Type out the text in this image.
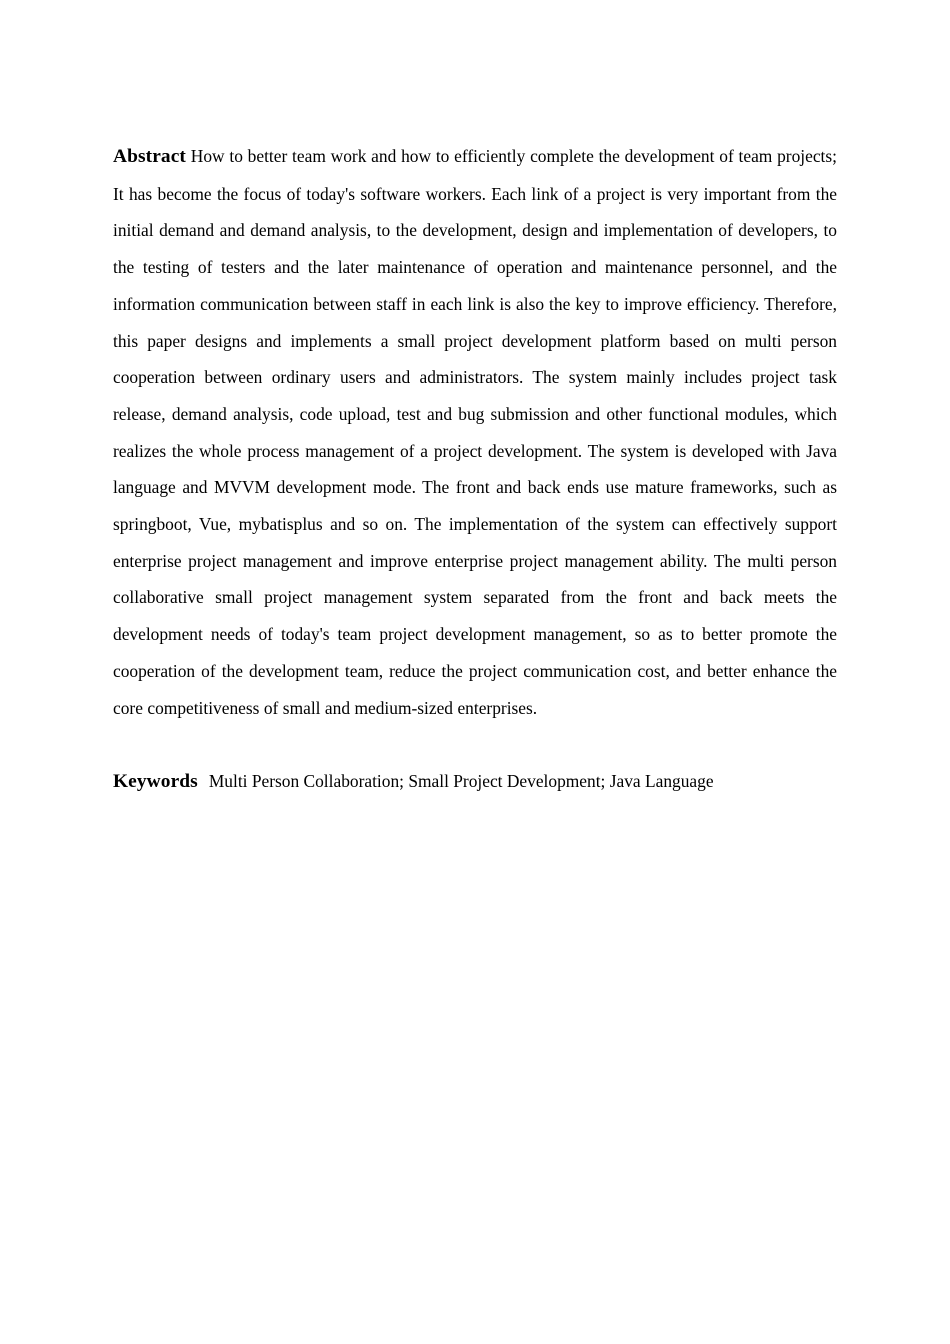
Abstract How to better team work and how to efficiently complete the development of team projects; It has become the focus of today's software workers. Each link of a project is very important from the initial demand and demand analysis, to the development, design and implementation of developers, to the testing of testers and the later maintenance of operation and maintenance personnel, and the information communication between staff in each link is also the key to improve efficiency. Therefore, this paper designs and implements a small project development platform based on multi person cooperation between ordinary users and administrators. The system mainly includes project task release, demand analysis, code upload, test and bug submission and other functional modules, which realizes the whole process management of a project development. The system is developed with Java language and MVVM development mode. The front and back ends use mature frameworks, such as springboot, Vue, mybatisplus and so on. The implementation of the system can effectively support enterprise project management and improve enterprise project management ability. The multi person collaborative small project management system separated from the front and back meets the development needs of today's team project development management, so as to better promote the cooperation of the development team, reduce the project communication cost, and better enhance the core competitiveness of small and medium-sized enterprises.

Keywords Multi Person Collaboration; Small Project Development; Java Language
